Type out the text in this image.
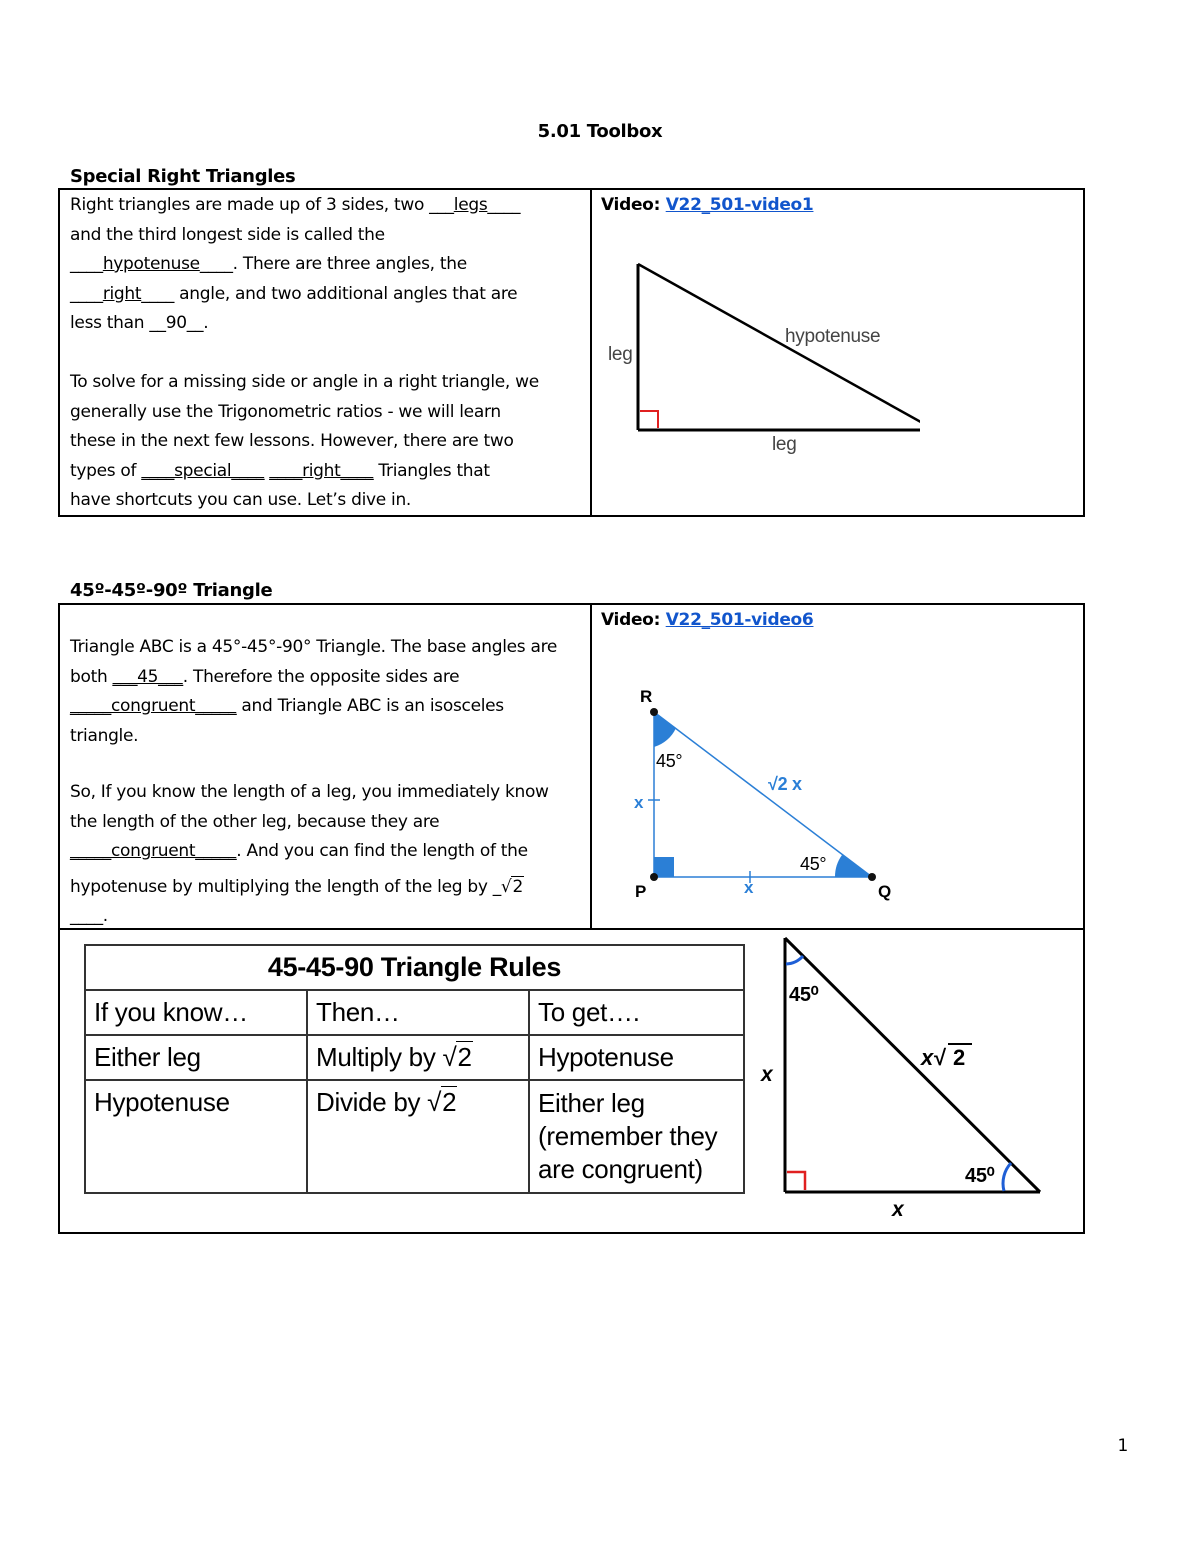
5.01 Toolbox
Special Right Triangles
Right triangles are made up of 3 sides, two ___legs____
and the third longest side is called the
____hypotenuse____. There are three angles, the
____right____ angle, and two additional angles that are
less than __90__.
To solve for a missing side or angle in a right triangle, we
generally use the Trigonometric ratios - we will learn
these in the next few lessons. However, there are two
types of ____special____ ____right____ Triangles that
have shortcuts you can use. Let’s dive in.
Video: V22_501-video1
leg
leg
hypotenuse
45º-45º-90º Triangle
Triangle ABC is a 45°-45°-90° Triangle. The base angles are
both ___45___. Therefore the opposite sides are
_____congruent_____ and Triangle ABC is an isosceles
triangle.
So, If you know the length of a leg, you immediately know
the length of the other leg, because they are
_____congruent_____. And you can find the length of the
hypotenuse by multiplying the length of the leg by _√2
____.
Video: V22_501-video6
R
P	Q
45°
45°
x
x
√2 x
45-45-90 Triangle Rules		
If you know…	Then…	To get….
Either leg	Multiply by √2	Hypotenuse
Hypotenuse	Divide by √2	Either leg (remember they are congruent)
45⁰
45⁰
x
x
x √ 2
1
